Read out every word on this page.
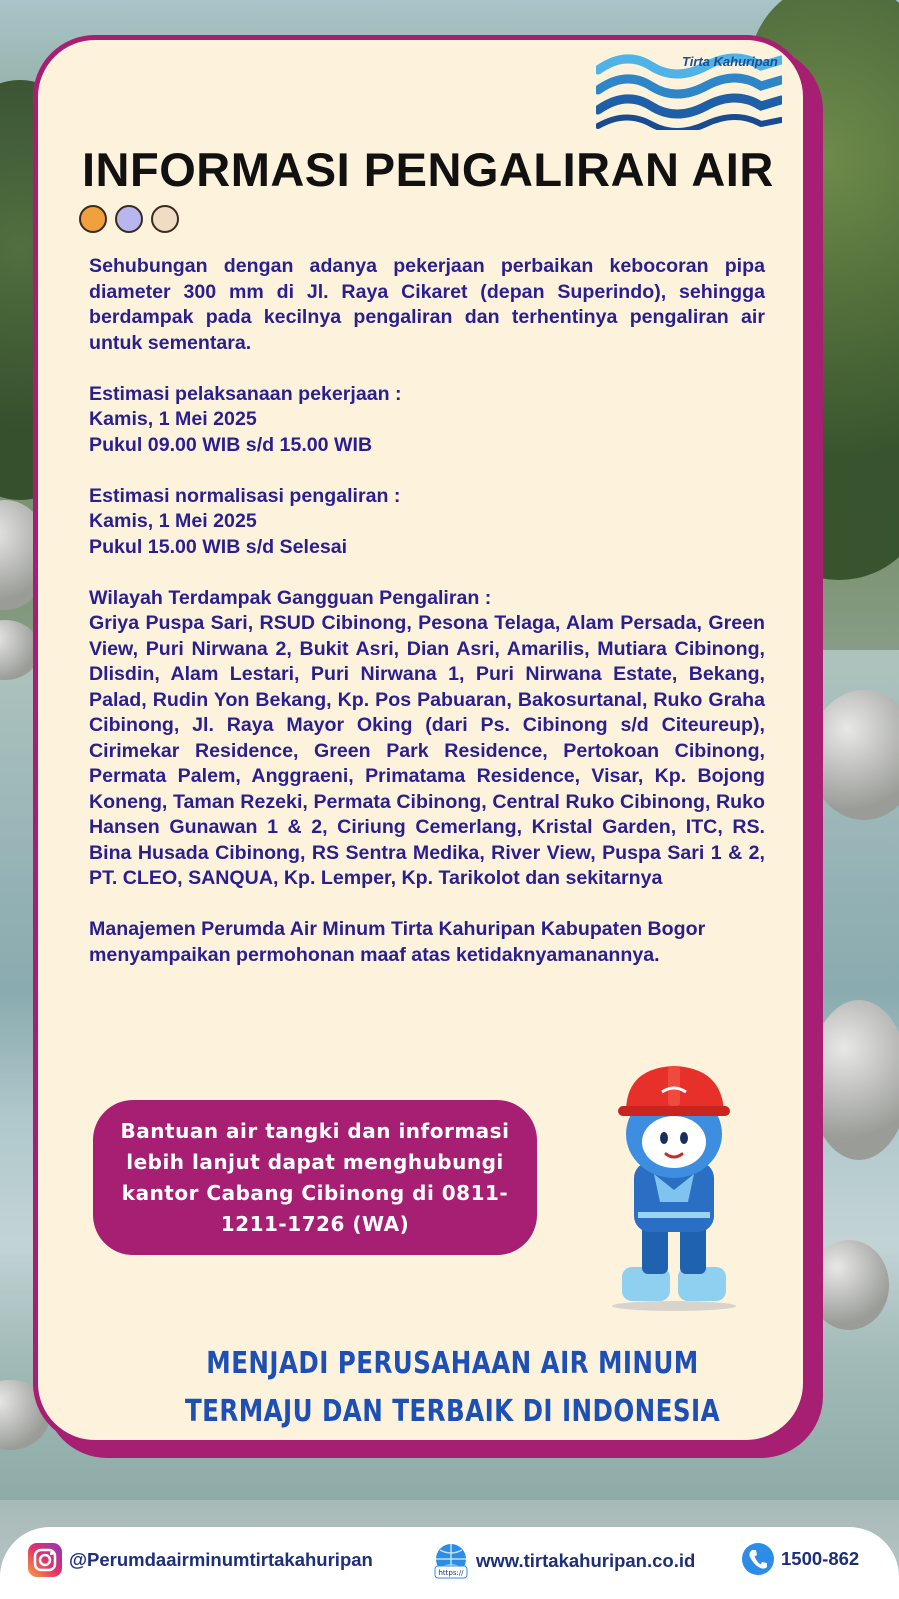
Tirta Kahuripan
INFORMASI PENGALIRAN AIR

Sehubungan dengan adanya pekerjaan perbaikan kebocoran pipa diameter 300 mm di Jl. Raya Cikaret (depan Superindo), sehingga berdampak pada kecilnya pengaliran dan terhentinya pengaliran air untuk sementara.

Estimasi pelaksanaan pekerjaan :

Kamis, 1 Mei 2025

Pukul 09.00 WIB s/d 15.00 WIB

Estimasi normalisasi pengaliran :

Kamis, 1 Mei 2025

Pukul 15.00 WIB s/d Selesai

Wilayah Terdampak Gangguan Pengaliran :

Griya Puspa Sari, RSUD Cibinong, Pesona Telaga, Alam Persada, Green View, Puri Nirwana 2, Bukit Asri, Dian Asri, Amarilis, Mutiara Cibinong, Dlisdin, Alam Lestari, Puri Nirwana 1, Puri Nirwana Estate, Bekang, Palad, Rudin Yon Bekang, Kp. Pos Pabuaran, Bakosurtanal, Ruko Graha Cibinong, Jl. Raya Mayor Oking (dari Ps. Cibinong s/d Citeureup), Cirimekar Residence, Green Park Residence, Pertokoan Cibinong, Permata Palem, Anggraeni, Primatama Residence, Visar, Kp. Bojong Koneng, Taman Rezeki, Permata Cibinong, Central Ruko Cibinong, Ruko Hansen Gunawan 1 & 2, Ciriung Cemerlang, Kristal Garden, ITC, RS. Bina Husada Cibinong, RS Sentra Medika, River View, Puspa Sari 1 & 2, PT. CLEO, SANQUA, Kp. Lemper, Kp. Tarikolot dan sekitarnya

Manajemen Perumda Air Minum Tirta Kahuripan Kabupaten Bogor menyampaikan permohonan maaf atas ketidaknyamanannya.

Bantuan air tangki dan informasi lebih lanjut dapat menghubungi kantor Cabang Cibinong di 0811-1211-1726 (WA)
MENJADI PERUSAHAAN AIR MINUM
TERMAJU DAN TERBAIK DI INDONESIA
@Perumdaairminumtirtakahuripan
https://
www.tirtakahuripan.co.id	1500-862
